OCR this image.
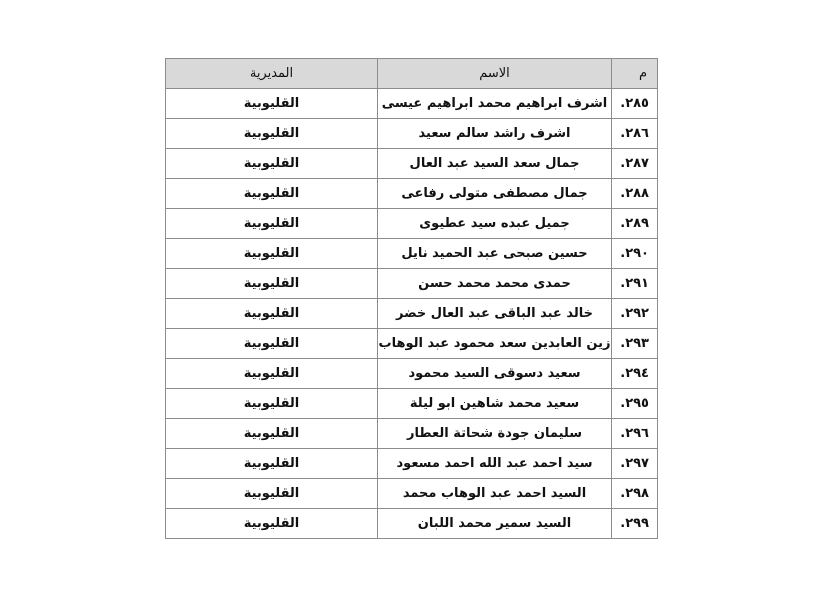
م	الاسم	المديرية
٢٨٥.	اشرف ابراهيم محمد ابراهيم عيسى	القليوبية
٢٨٦.	اشرف راشد سالم سعيد	القليوبية
٢٨٧.	جمال سعد السيد عبد العال	القليوبية
٢٨٨.	جمال مصطفى متولى رفاعى	القليوبية
٢٨٩.	جميل عبده سيد عطيوى	القليوبية
٢٩٠.	حسين صبحى عبد الحميد نايل	القليوبية
٢٩١.	حمدى محمد محمد حسن	القليوبية
٢٩٢.	خالد عبد الباقى عبد العال خضر	القليوبية
٢٩٣.	زين العابدين سعد محمود عبد الوهاب	القليوبية
٢٩٤.	سعيد دسوقى السيد محمود	القليوبية
٢٩٥.	سعيد محمد شاهين ابو ليلة	القليوبية
٢٩٦.	سليمان جودة شحاتة العطار	القليوبية
٢٩٧.	سيد احمد عبد الله احمد مسعود	القليوبية
٢٩٨.	السيد احمد عبد الوهاب محمد	القليوبية
٢٩٩.	السيد سمير محمد اللبان	القليوبية
